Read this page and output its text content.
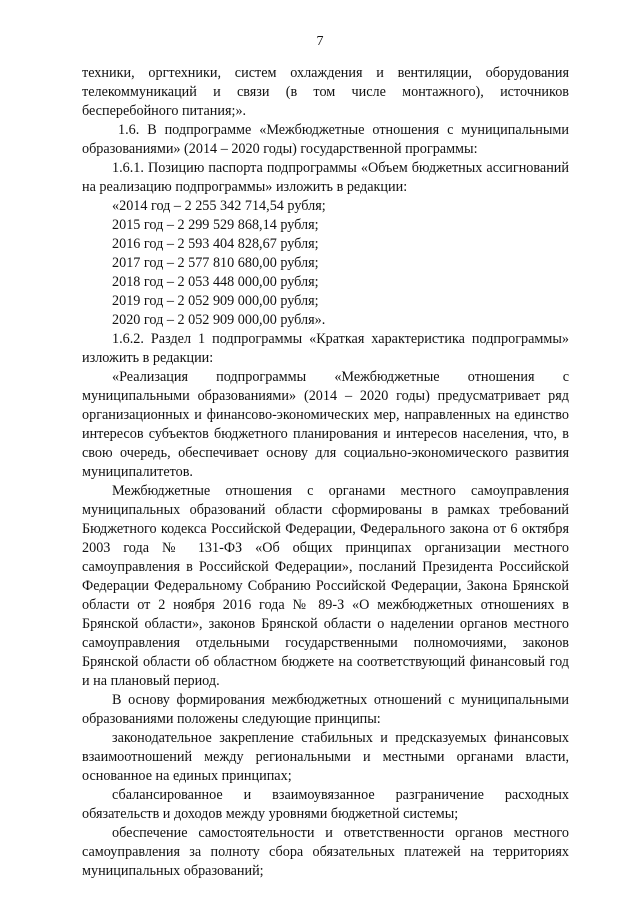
7

техники, оргтехники, систем охлаждения и вентиляции, оборудования телекоммуникаций и связи (в том числе монтажного), источников бесперебойного питания;».

1.6. В подпрограмме «Межбюджетные отношения с муниципальными образованиями» (2014 – 2020 годы) государственной программы:

1.6.1. Позицию паспорта подпрограммы «Объем бюджетных ассигнований на реализацию подпрограммы» изложить в редакции:

«2014 год – 2 255 342 714,54 рубля;
2015 год – 2 299 529 868,14 рубля;
2016 год – 2 593 404 828,67 рубля;
2017 год – 2 577 810 680,00 рубля;
2018 год – 2 053 448 000,00 рубля;
2019 год – 2 052 909 000,00 рубля;
2020 год – 2 052 909 000,00 рубля».

1.6.2. Раздел 1 подпрограммы «Краткая характеристика подпрограммы» изложить в редакции:

«Реализация подпрограммы «Межбюджетные отношения с муниципальными образованиями» (2014 – 2020 годы) предусматривает ряд организационных и финансово-экономических мер, направленных на единство интересов субъектов бюджетного планирования и интересов населения, что, в свою очередь, обеспечивает основу для социально-экономического развития муниципалитетов.

Межбюджетные отношения с органами местного самоуправления муниципальных образований области сформированы в рамках требований Бюджетного кодекса Российской Федерации, Федерального закона от 6 октября 2003 года № 131-ФЗ «Об общих принципах организации местного самоуправления в Российской Федерации», посланий Президента Российской Федерации Федеральному Собранию Российской Федерации, Закона Брянской области от 2 ноября 2016 года № 89-З «О межбюджетных отношениях в Брянской области», законов Брянской области о наделении органов местного самоуправления отдельными государственными полномочиями, законов Брянской области об областном бюджете на соответствующий финансовый год и на плановый период.

В основу формирования межбюджетных отношений с муниципальными образованиями положены следующие принципы:

законодательное закрепление стабильных и предсказуемых финансовых взаимоотношений между региональными и местными органами власти, основанное на единых принципах;

сбалансированное и взаимоувязанное разграничение расходных обязательств и доходов между уровнями бюджетной системы;

обеспечение самостоятельности и ответственности органов местного самоуправления за полноту сбора обязательных платежей на территориях муниципальных образований;
